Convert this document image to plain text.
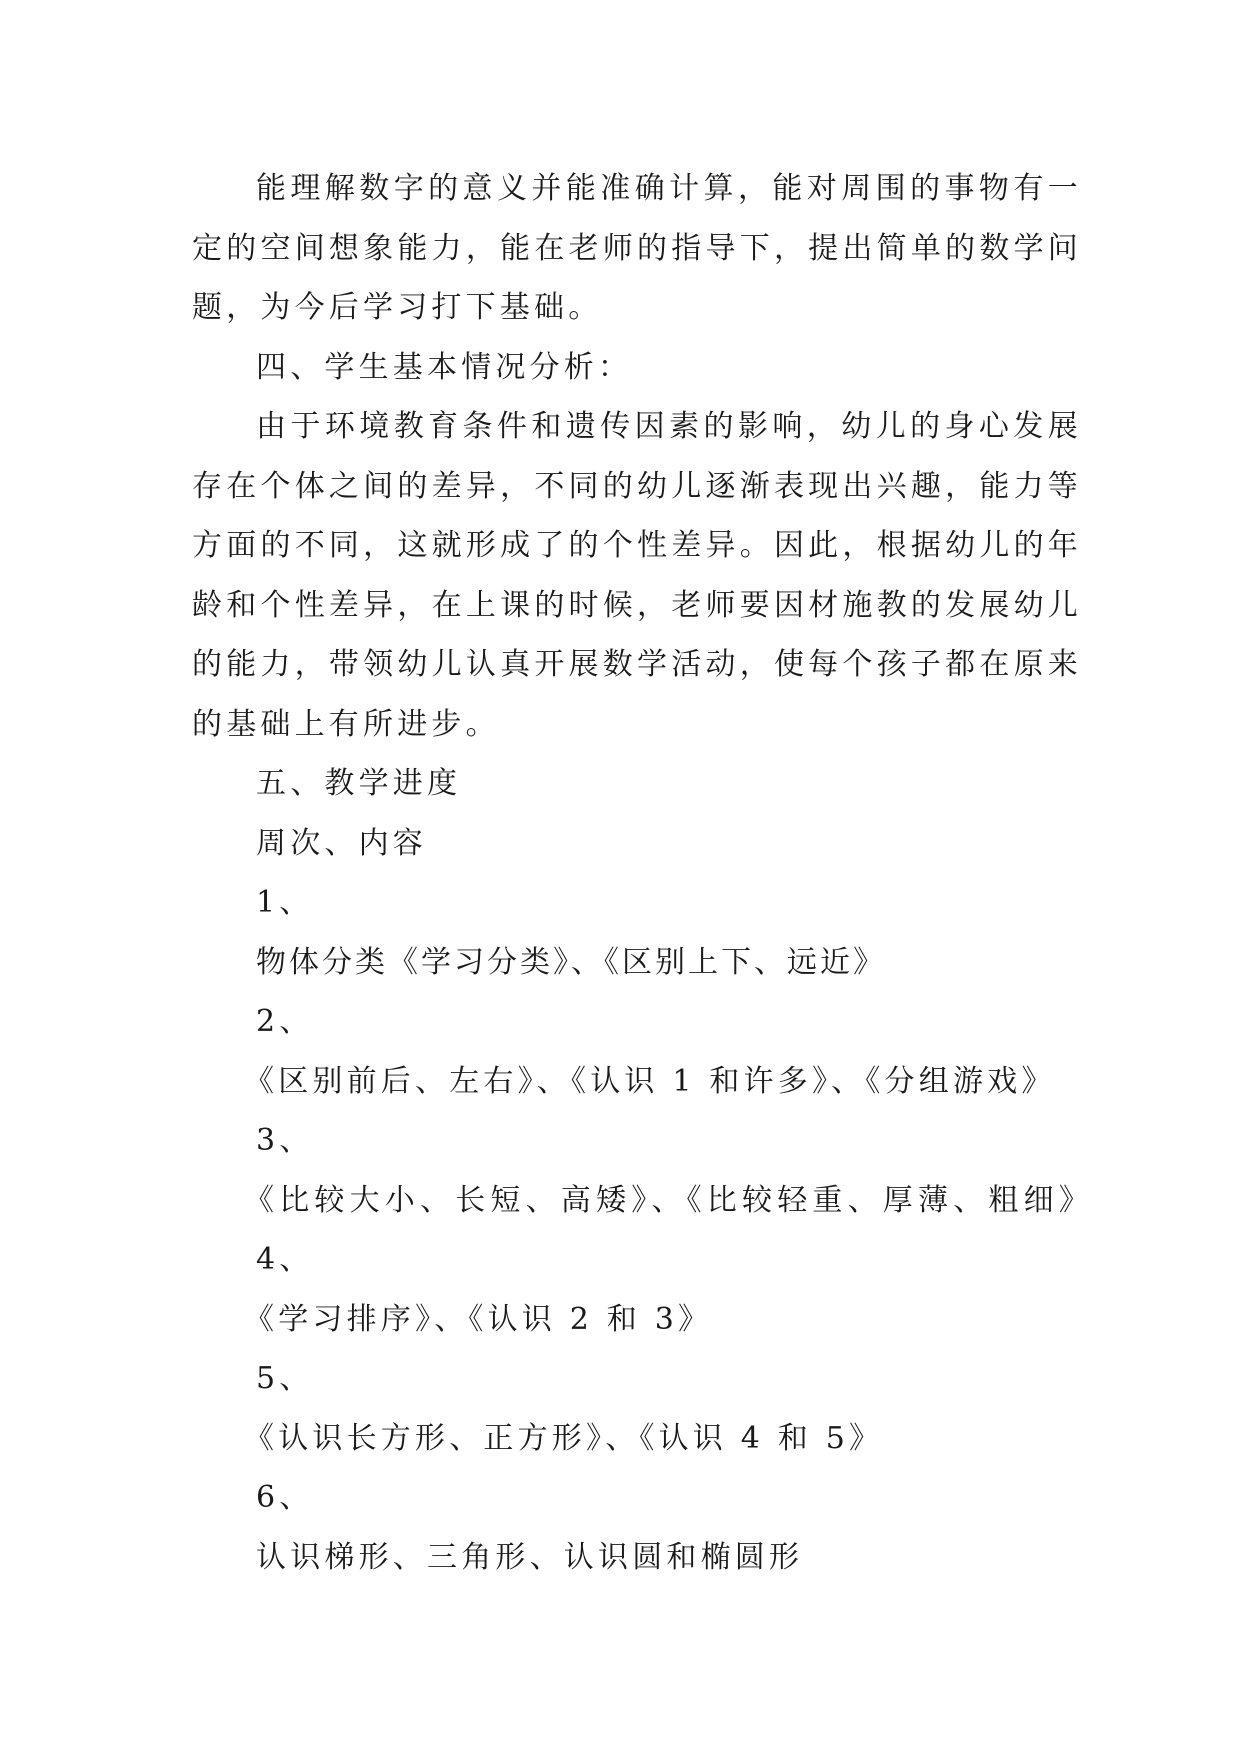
能理解数字的意义并能准确计算，能对周围的事物有一定的空间想象能力，能在老师的指导下，提出简单的数学问题，为今后学习打下基础。

四、学生基本情况分析：

由于环境教育条件和遗传因素的影响，幼儿的身心发展存在个体之间的差异，不同的幼儿逐渐表现出兴趣，能力等方面的不同，这就形成了的个性差异。因此，根据幼儿的年龄和个性差异，在上课的时候，老师要因材施教的发展幼儿的能力，带领幼儿认真开展数学活动，使每个孩子都在原来的基础上有所进步。

五、教学进度

周次、内容

1、

物体分类《学习分类》、《区别上下、远近》

2、

《区别前后、左右》、《认识 1 和许多》、《分组游戏》

3、

《比较大小、长短、高矮》、《比较轻重、厚薄、粗细》

4、

《学习排序》、《认识 2 和 3》

5、

《认识长方形、正方形》、《认识 4 和 5》

6、

认识梯形、三角形、认识圆和椭圆形
